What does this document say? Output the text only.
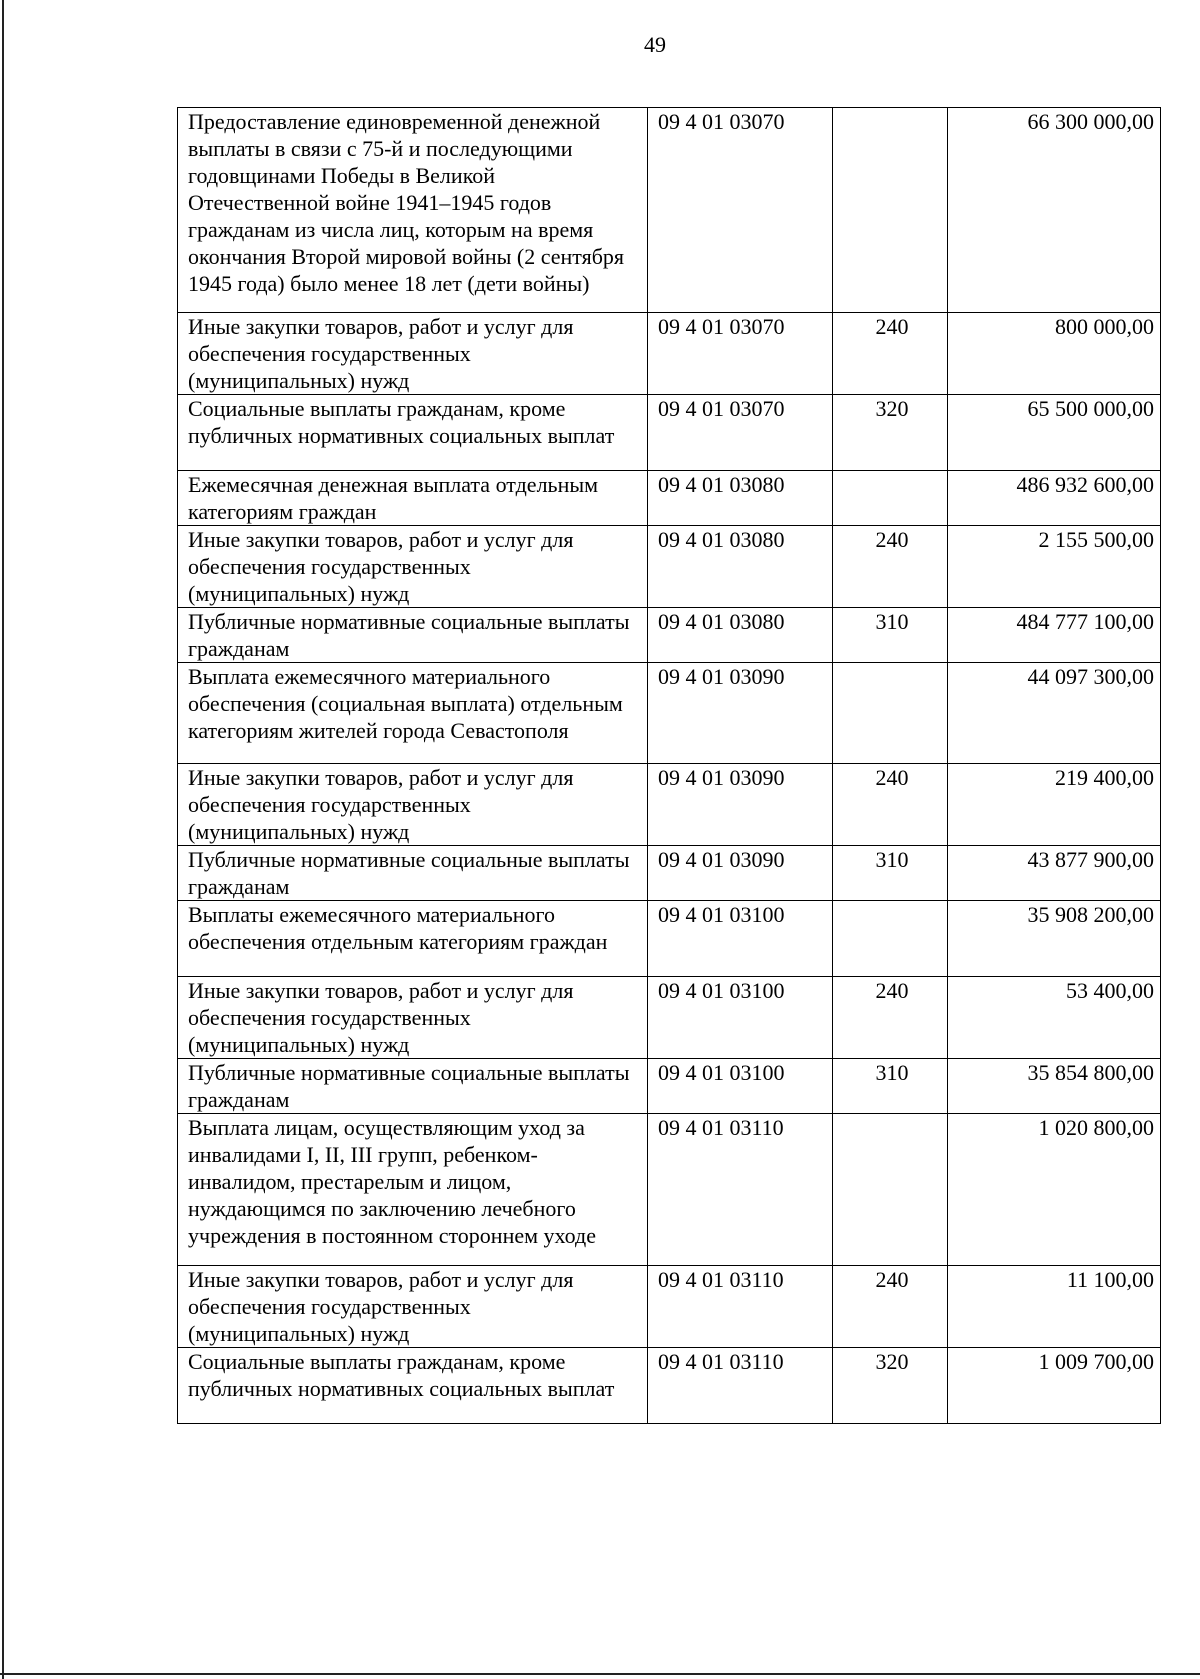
49
Предоставление единовременной денежной выплаты в связи с 75-й и последующими годовщинами Победы в Великой Отечественной войне 1941–1945 годов гражданам из числа лиц, которым на время окончания Второй мировой войны (2 сентября 1945 года) было менее 18 лет (дети войны)	09 4 01 03070		66 300 000,00
Иные закупки товаров, работ и услуг для обеспечения государственных (муниципальных) нужд	09 4 01 03070	240	800 000,00
Социальные выплаты гражданам, кроме публичных нормативных социальных выплат	09 4 01 03070	320	65 500 000,00
Ежемесячная денежная выплата отдельным категориям граждан	09 4 01 03080		486 932 600,00
Иные закупки товаров, работ и услуг для обеспечения государственных (муниципальных) нужд	09 4 01 03080	240	2 155 500,00
Публичные нормативные социальные выплаты гражданам	09 4 01 03080	310	484 777 100,00
Выплата ежемесячного материального обеспечения (социальная выплата) отдельным категориям жителей города Севастополя	09 4 01 03090		44 097 300,00
Иные закупки товаров, работ и услуг для обеспечения государственных (муниципальных) нужд	09 4 01 03090	240	219 400,00
Публичные нормативные социальные выплаты гражданам	09 4 01 03090	310	43 877 900,00
Выплаты ежемесячного материального обеспечения отдельным категориям граждан	09 4 01 03100		35 908 200,00
Иные закупки товаров, работ и услуг для обеспечения государственных (муниципальных) нужд	09 4 01 03100	240	53 400,00
Публичные нормативные социальные выплаты гражданам	09 4 01 03100	310	35 854 800,00
Выплата лицам, осуществляющим уход за инвалидами I, II, III групп, ребенком-инвалидом, престарелым и лицом, нуждающимся по заключению лечебного учреждения в постоянном стороннем уходе	09 4 01 03110		1 020 800,00
Иные закупки товаров, работ и услуг для обеспечения государственных (муниципальных) нужд	09 4 01 03110	240	11 100,00
Социальные выплаты гражданам, кроме публичных нормативных социальных выплат	09 4 01 03110	320	1 009 700,00
